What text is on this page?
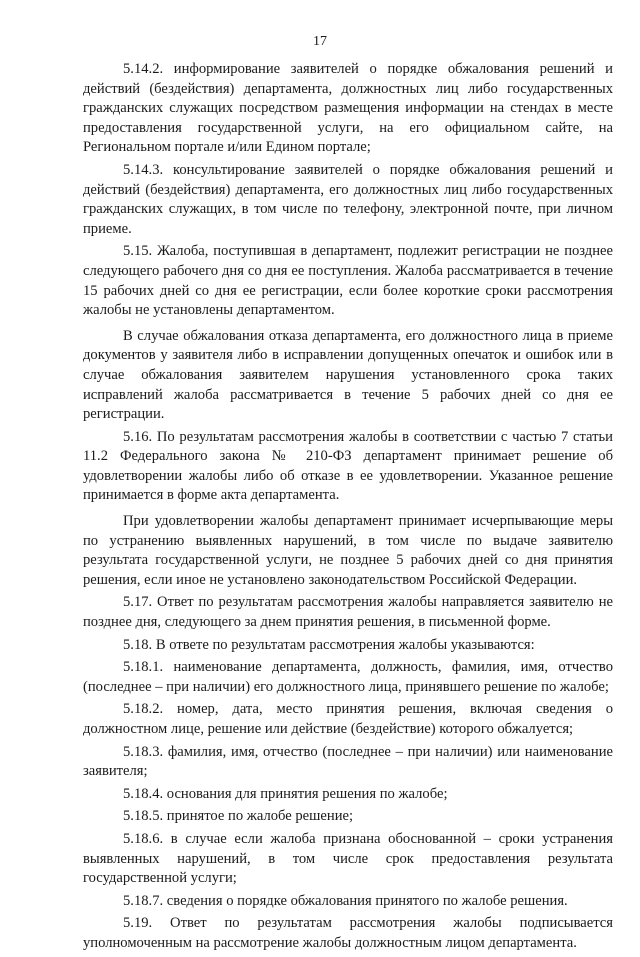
17

5.14.2. информирование заявителей о порядке обжалования решений и действий (бездействия) департамента, должностных лиц либо государственных гражданских служащих посредством размещения информации на стендах в месте предоставления государственной услуги, на его официальном сайте, на Региональном портале и/или Едином портале;

5.14.3. консультирование заявителей о порядке обжалования решений и действий (бездействия) департамента, его должностных лиц либо государственных гражданских служащих, в том числе по телефону, электронной почте, при личном приеме.

5.15. Жалоба, поступившая в департамент, подлежит регистрации не позднее следующего рабочего дня со дня ее поступления. Жалоба рассматривается в течение 15 рабочих дней со дня ее регистрации, если более короткие сроки рассмотрения жалобы не установлены департаментом.

В случае обжалования отказа департамента, его должностного лица в приеме документов у заявителя либо в исправлении допущенных опечаток и ошибок или в случае обжалования заявителем нарушения установленного срока таких исправлений жалоба рассматривается в течение 5 рабочих дней со дня ее регистрации.

5.16. По результатам рассмотрения жалобы в соответствии с частью 7 статьи 11.2 Федерального закона № 210-ФЗ департамент принимает решение об удовлетворении жалобы либо об отказе в ее удовлетворении. Указанное решение принимается в форме акта департамента.

При удовлетворении жалобы департамент принимает исчерпывающие меры по устранению выявленных нарушений, в том числе по выдаче заявителю результата государственной услуги, не позднее 5 рабочих дней со дня принятия решения, если иное не установлено законодательством Российской Федерации.

5.17. Ответ по результатам рассмотрения жалобы направляется заявителю не позднее дня, следующего за днем принятия решения, в письменной форме.

5.18. В ответе по результатам рассмотрения жалобы указываются:

5.18.1. наименование департамента, должность, фамилия, имя, отчество (последнее – при наличии) его должностного лица, принявшего решение по жалобе;

5.18.2. номер, дата, место принятия решения, включая сведения о должностном лице, решение или действие (бездействие) которого обжалуется;

5.18.3. фамилия, имя, отчество (последнее – при наличии) или наименование заявителя;

5.18.4. основания для принятия решения по жалобе;

5.18.5. принятое по жалобе решение;

5.18.6. в случае если жалоба признана обоснованной – сроки устранения выявленных нарушений, в том числе срок предоставления результата государственной услуги;

5.18.7. сведения о порядке обжалования принятого по жалобе решения.

5.19. Ответ по результатам рассмотрения жалобы подписывается уполномоченным на рассмотрение жалобы должностным лицом департамента.
